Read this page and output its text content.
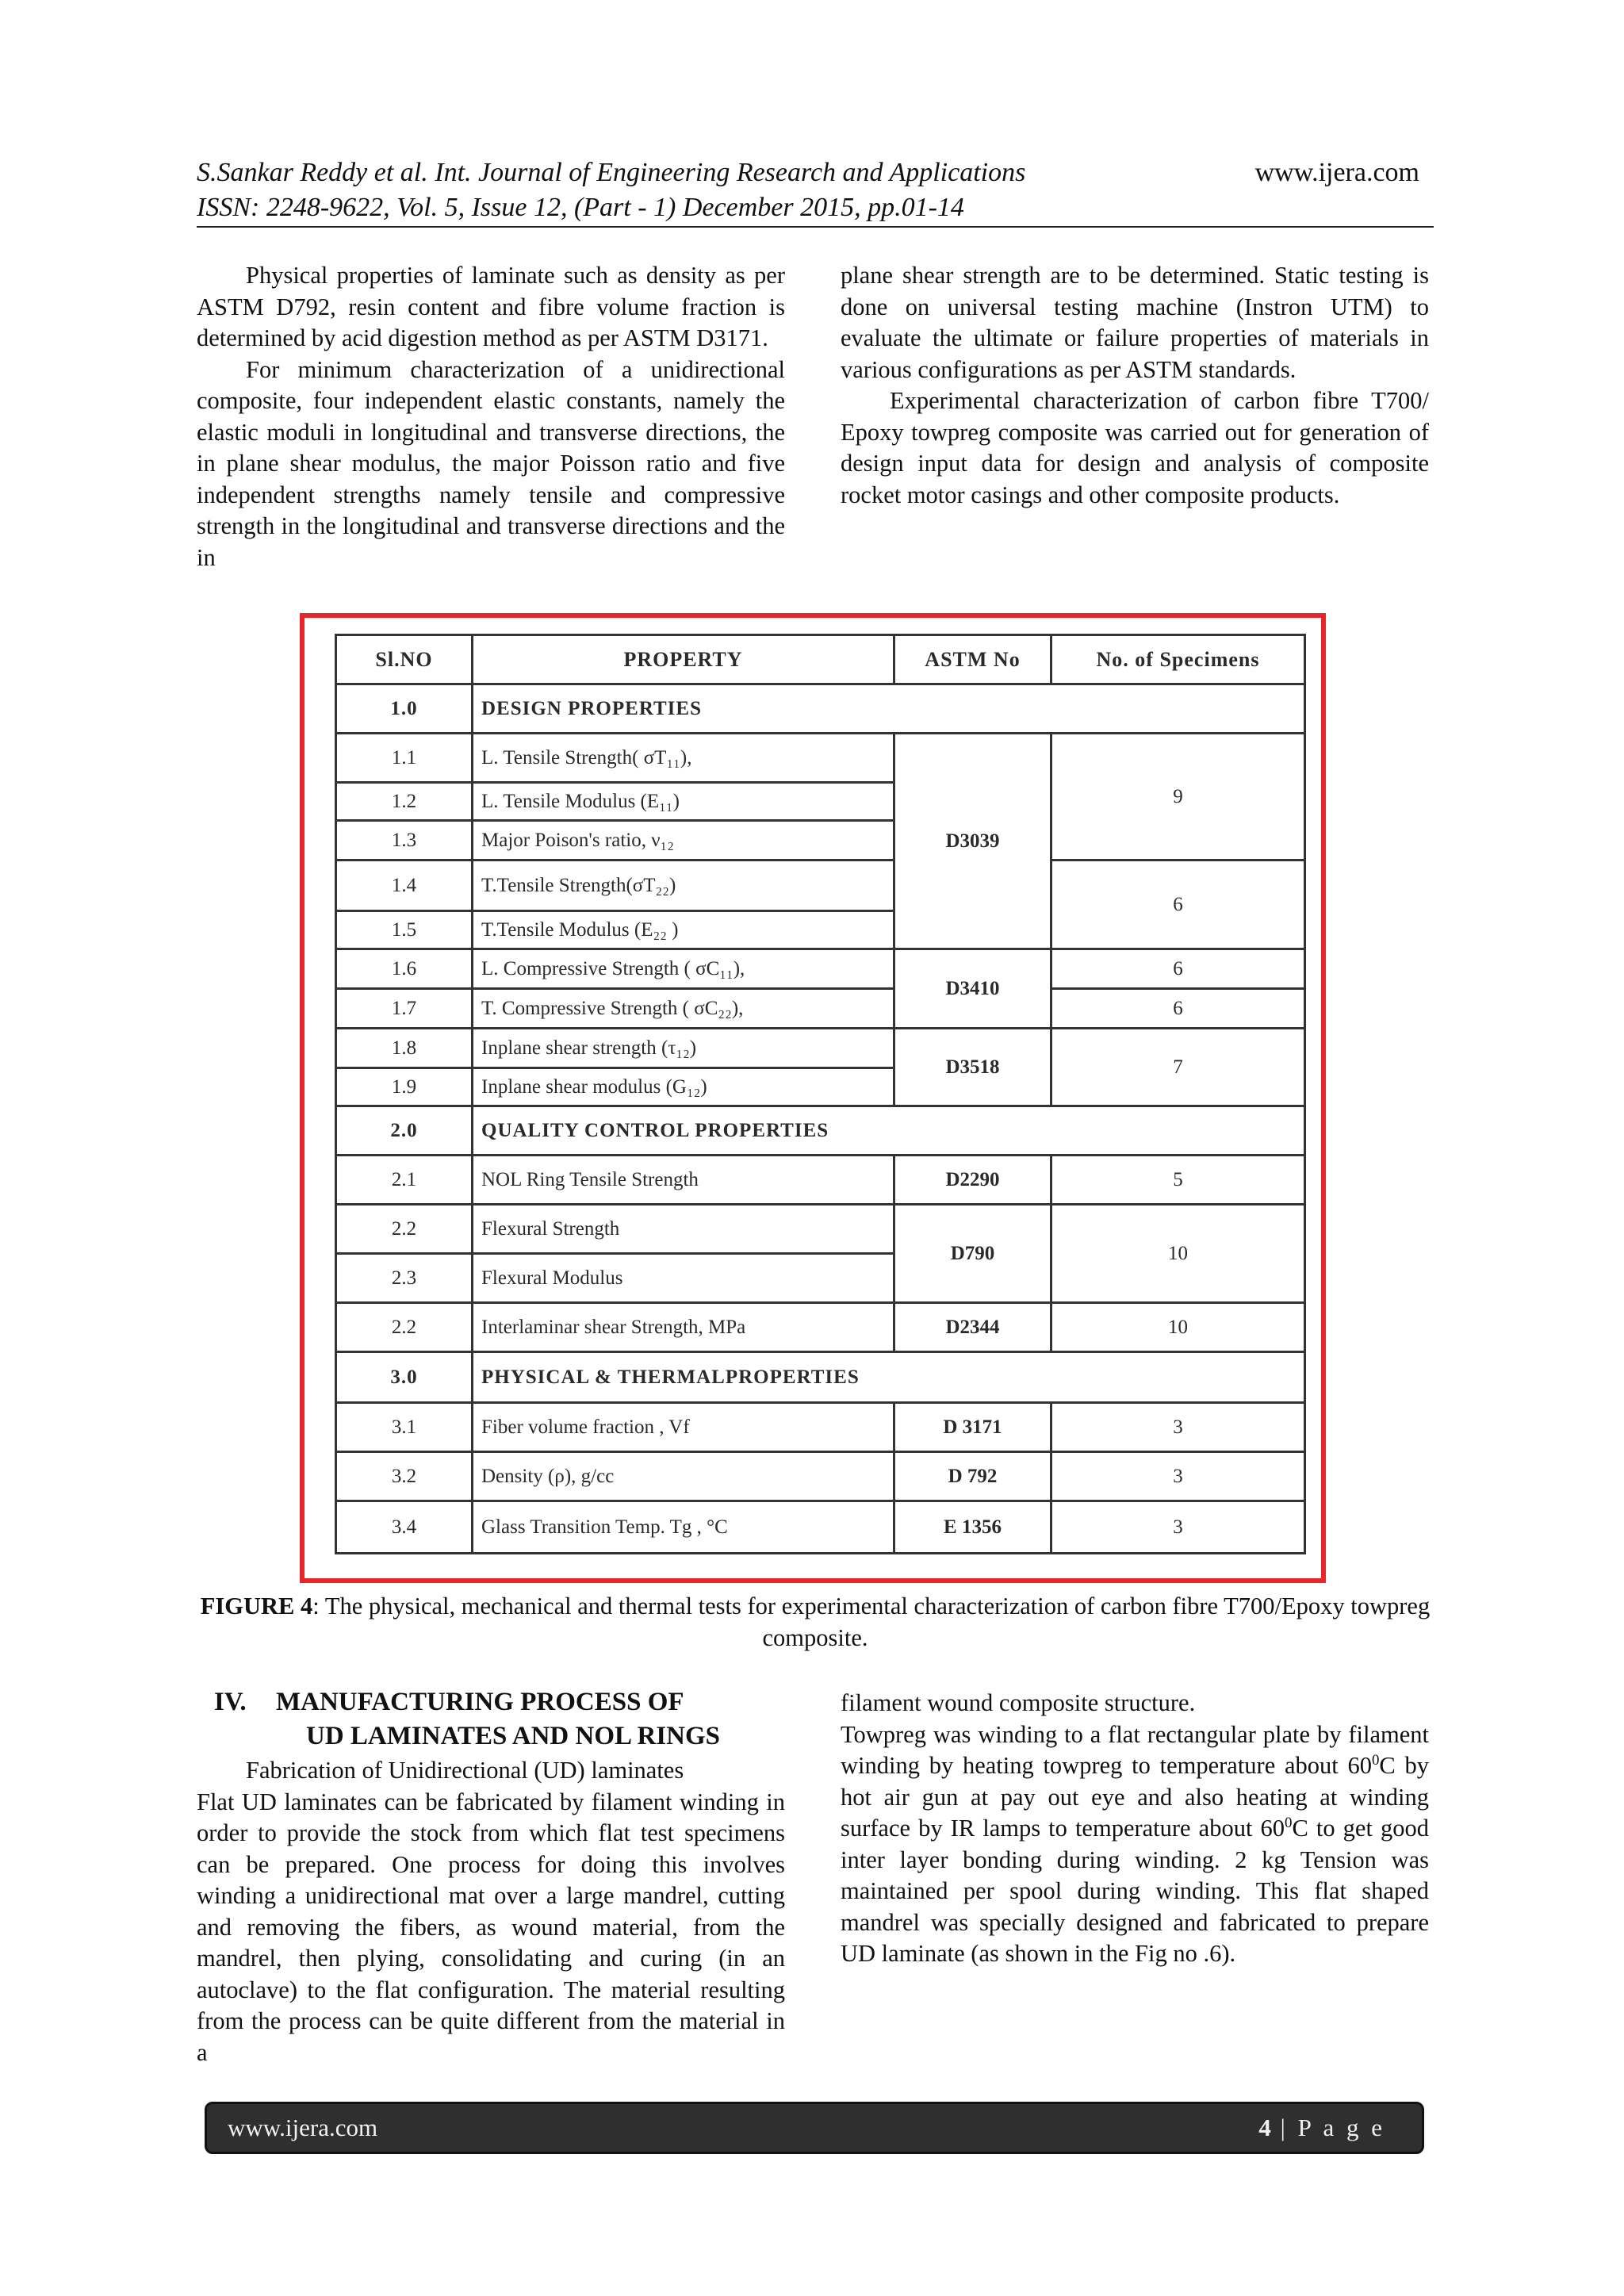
S.Sankar Reddy et al. Int. Journal of Engineering Research and Applications	www.ijera.com
ISSN: 2248-9622, Vol. 5, Issue 12, (Part - 1) December 2015, pp.01-14

Physical properties of laminate such as density as per ASTM D792, resin content and fibre volume fraction is determined by acid digestion method as per ASTM D3171.

For minimum characterization of a unidirectional composite, four independent elastic constants, namely the elastic moduli in longitudinal and transverse directions, the in plane shear modulus, the major Poisson ratio and five independent strengths namely tensile and compressive strength in the longitudinal and transverse directions and the in

plane shear strength are to be determined. Static testing is done on universal testing machine (Instron UTM) to evaluate the ultimate or failure properties of materials in various configurations as per ASTM standards.

Experimental characterization of carbon fibre T700/ Epoxy towpreg composite was carried out for generation of design input data for design and analysis of composite rocket motor casings and other composite products.

Sl.NO	PROPERTY	ASTM No	No. of Specimens
1.0	DESIGN PROPERTIES		
1.1	L. Tensile Strength( σT₁₁),	D3039	9
1.2	L. Tensile Modulus (E₁₁)		
1.3	Major Poison's ratio, ν₁₂		
1.4	T.Tensile Strength(σT₂₂)		6
1.5	T.Tensile Modulus (E₂₂ )		
1.6	L. Compressive Strength ( σC₁₁),	D3410	6
1.7	T. Compressive Strength ( σC₂₂),		6
1.8	Inplane shear strength (τ₁₂)	D3518	7
1.9	Inplane shear modulus (G₁₂)		
2.0	QUALITY CONTROL PROPERTIES		
2.1	NOL Ring Tensile Strength	D2290	5
2.2	Flexural Strength	D790	10
2.3	Flexural Modulus		
2.2	Interlaminar shear Strength, MPa	D2344	10
3.0	PHYSICAL & THERMALPROPERTIES		
3.1	Fiber volume fraction , Vf	D 3171	3
3.2	Density (ρ), g/cc	D 792	3
3.4	Glass Transition Temp. Tg , °C	E 1356	3
FIGURE 4: The physical, mechanical and thermal tests for experimental characterization of carbon fibre T700/Epoxy towpreg composite.
IV. MANUFACTURING PROCESS OF
UD LAMINATES AND NOL RINGS

Fabrication of Unidirectional (UD) laminates

Flat UD laminates can be fabricated by filament winding in order to provide the stock from which flat test specimens can be prepared. One process for doing this involves winding a unidirectional mat over a large mandrel, cutting and removing the fibers, as wound material, from the mandrel, then plying, consolidating and curing (in an autoclave) to the flat configuration. The material resulting from the process can be quite different from the material in a

filament wound composite structure.

Towpreg was winding to a flat rectangular plate by filament winding by heating towpreg to temperature about $60^0C$ by hot air gun at pay out eye and also heating at winding surface by IR lamps to temperature about $60^0C$ to get good inter layer bonding during winding. 2 kg Tension was maintained per spool during winding. This flat shaped mandrel was specially designed and fabricated to prepare UD laminate (as shown in the Fig no .6).

www.ijera.com	4 | P a g e
